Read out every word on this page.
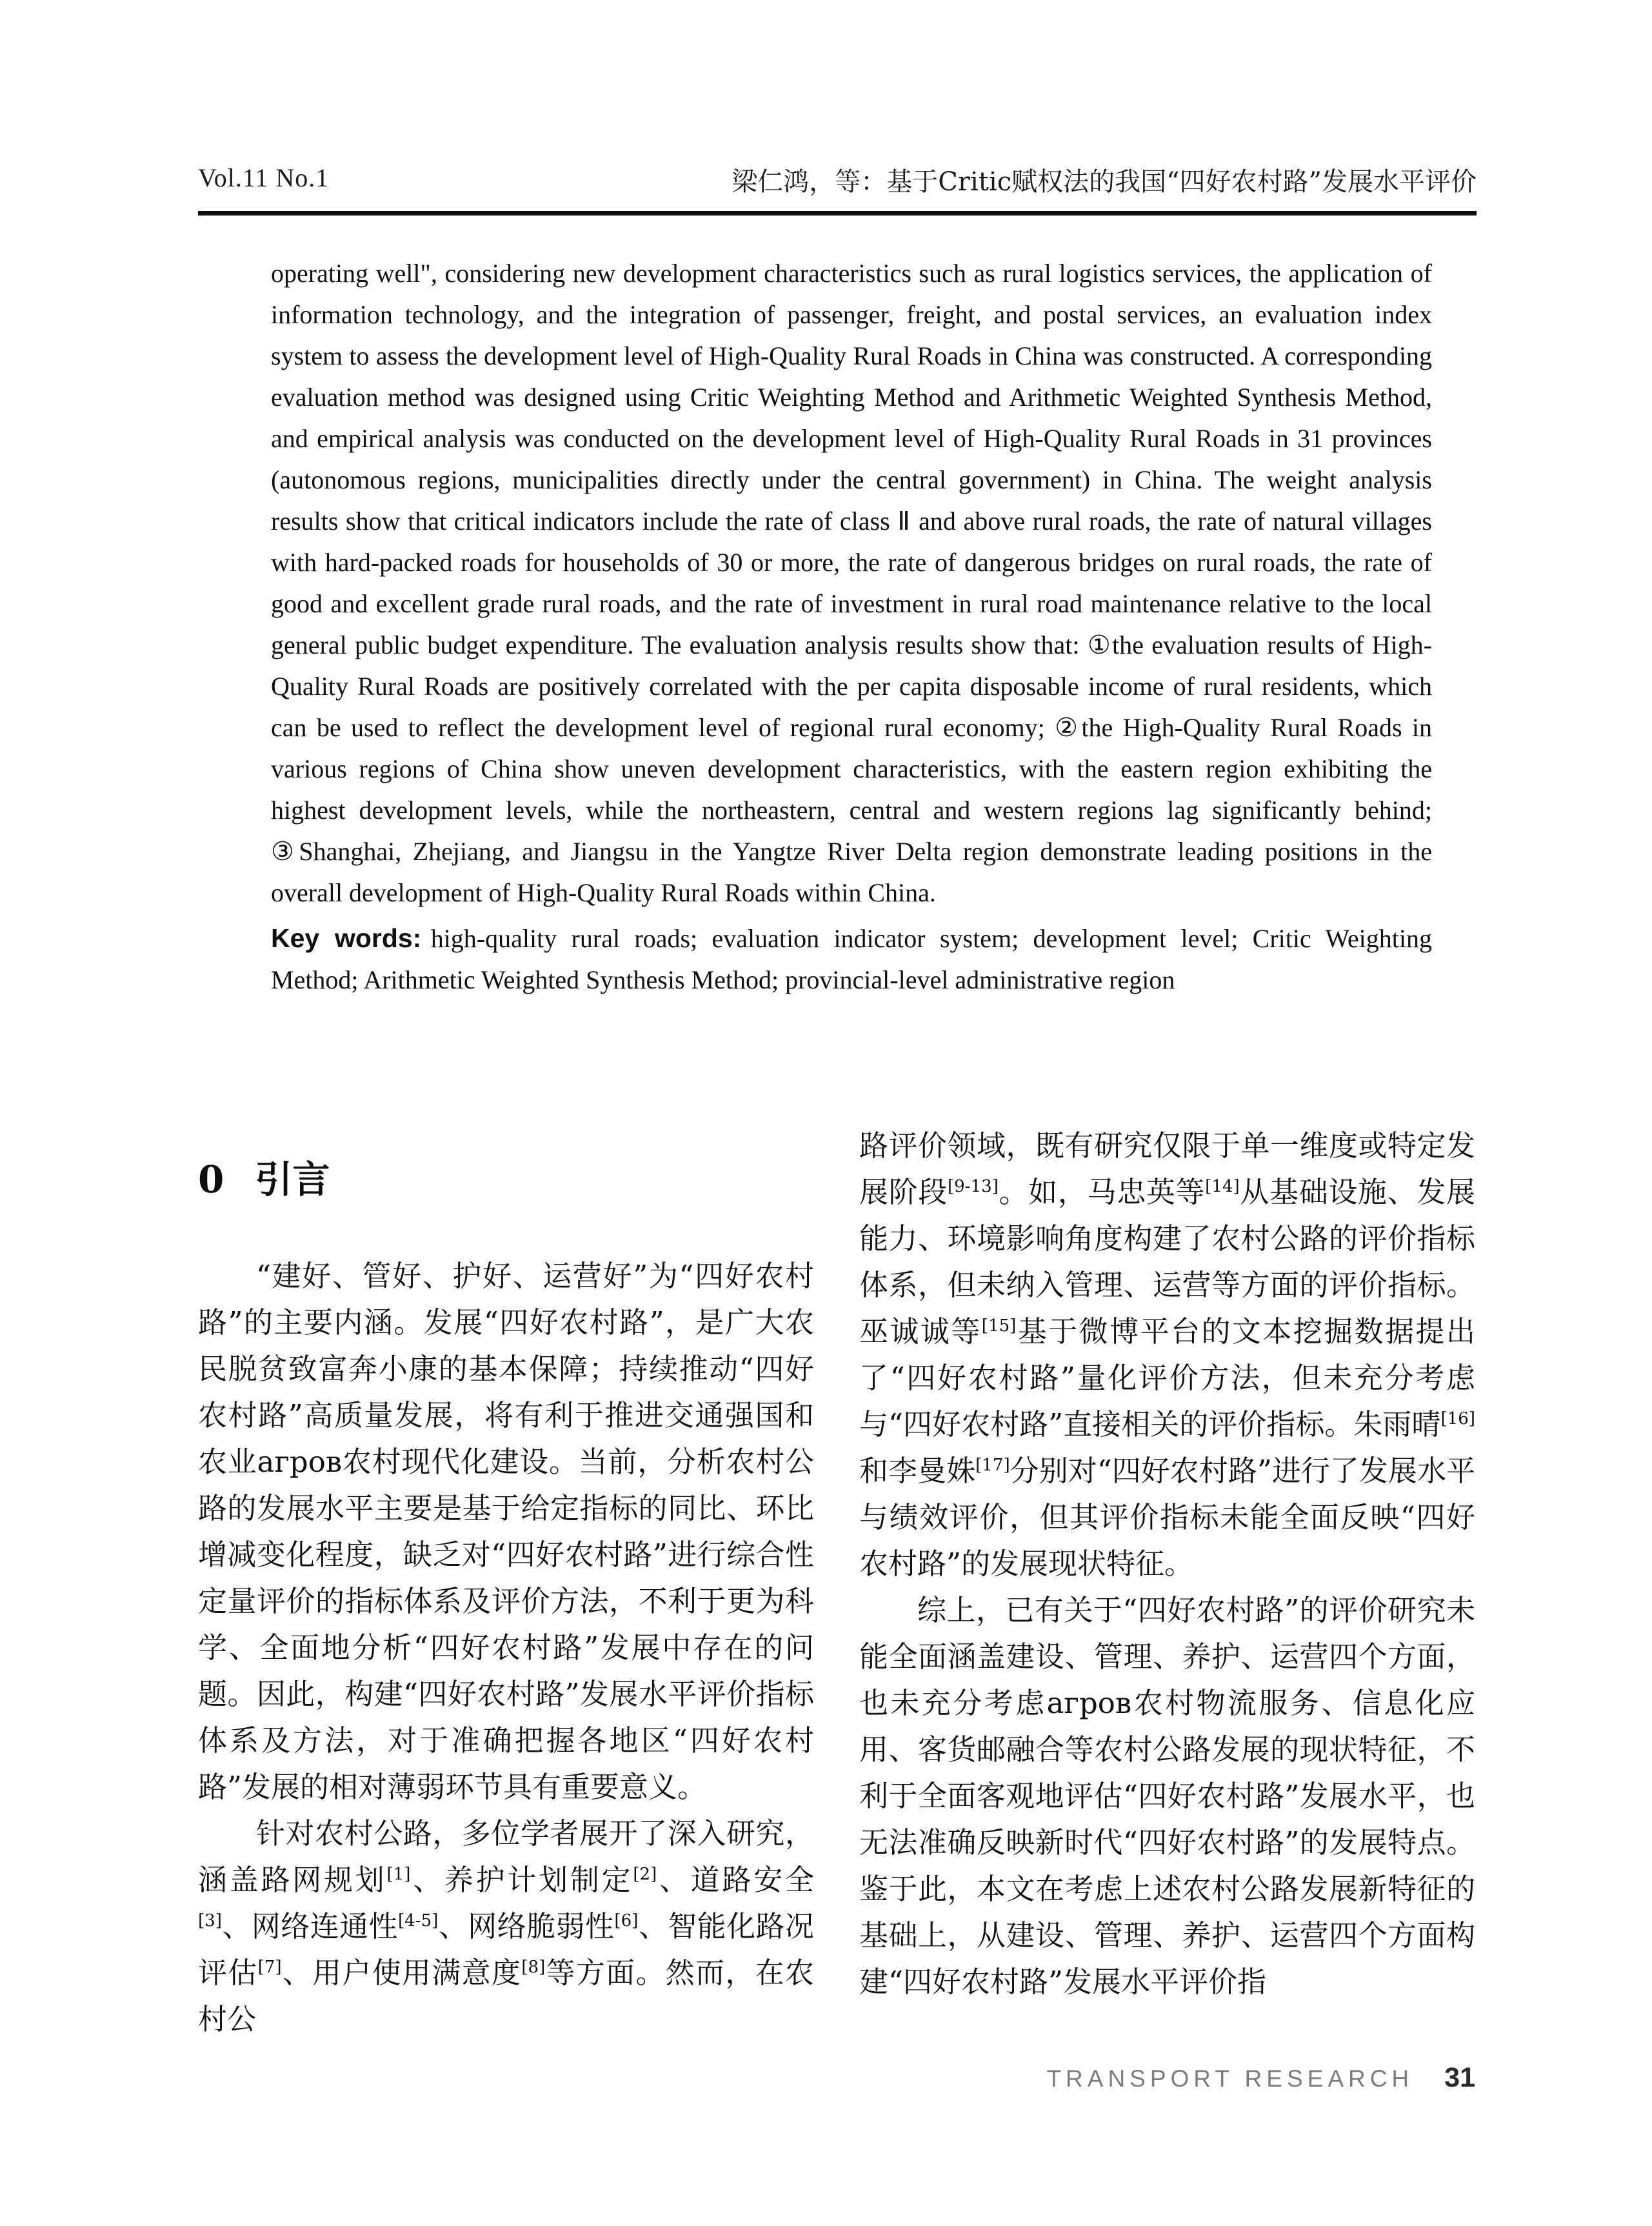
Vol.11 No.1	梁仁鸿，等：基于Critic赋权法的我国“四好农村路”发展水平评价

operating well", considering new development characteristics such as rural logistics services, the application of information technology, and the integration of passenger, freight, and postal services, an evaluation index system to assess the development level of High-Quality Rural Roads in China was constructed. A corresponding evaluation method was designed using Critic Weighting Method and Arithmetic Weighted Synthesis Method, and empirical analysis was conducted on the development level of High-Quality Rural Roads in 31 provinces (autonomous regions, municipalities directly under the central government) in China. The weight analysis results show that critical indicators include the rate of class Ⅱ and above rural roads, the rate of natural villages with hard-packed roads for households of 30 or more, the rate of dangerous bridges on rural roads, the rate of good and excellent grade rural roads, and the rate of investment in rural road maintenance relative to the local general public budget expenditure. The evaluation analysis results show that: ①the evaluation results of High-Quality Rural Roads are positively correlated with the per capita disposable income of rural residents, which can be used to reflect the development level of regional rural economy; ②the High-Quality Rural Roads in various regions of China show uneven development characteristics, with the eastern region exhibiting the highest development levels, while the northeastern, central and western regions lag significantly behind; ③Shanghai, Zhejiang, and Jiangsu in the Yangtze River Delta region demonstrate leading positions in the overall development of High-Quality Rural Roads within China.

Key words: high-quality rural roads; evaluation indicator system; development level; Critic Weighting Method; Arithmetic Weighted Synthesis Method; provincial-level administrative region

0 引言

“建好、管好、护好、运营好”为“四好农村路”的主要内涵。发展“四好农村路”，是广大农民脱贫致富奔小康的基本保障；持续推动“四好农村路”高质量发展，将有利于推进交通强国和农业агров农村现代化建设。当前，分析农村公路的发展水平主要是基于给定指标的同比、环比增减变化程度，缺乏对“四好农村路”进行综合性定量评价的指标体系及评价方法，不利于更为科学、全面地分析“四好农村路”发展中存在的问题。因此，构建“四好农村路”发展水平评价指标体系及方法，对于准确把握各地区“四好农村路”发展的相对薄弱环节具有重要意义。

针对农村公路，多位学者展开了深入研究，涵盖路网规划[1]、养护计划制定[2]、道路安全[3]、网络连通性[4-5]、网络脆弱性[6]、智能化路况评估[7]、用户使用满意度[8]等方面。然而，在农村公

路评价领域，既有研究仅限于单一维度或特定发展阶段[9-13]。如，马忠英等[14]从基础设施、发展能力、环境影响角度构建了农村公路的评价指标体系，但未纳入管理、运营等方面的评价指标。巫诚诚等[15]基于微博平台的文本挖掘数据提出了“四好农村路”量化评价方法，但未充分考虑与“四好农村路”直接相关的评价指标。朱雨晴[16]和李曼姝[17]分别对“四好农村路”进行了发展水平与绩效评价，但其评价指标未能全面反映“四好农村路”的发展现状特征。

综上，已有关于“四好农村路”的评价研究未能全面涵盖建设、管理、养护、运营四个方面，也未充分考虑агров农村物流服务、信息化应用、客货邮融合等农村公路发展的现状特征，不利于全面客观地评估“四好农村路”发展水平，也无法准确反映新时代“四好农村路”的发展特点。鉴于此，本文在考虑上述农村公路发展新特征的基础上，从建设、管理、养护、运营四个方面构建“四好农村路”发展水平评价指

TRANSPORT RESEARCH 31
